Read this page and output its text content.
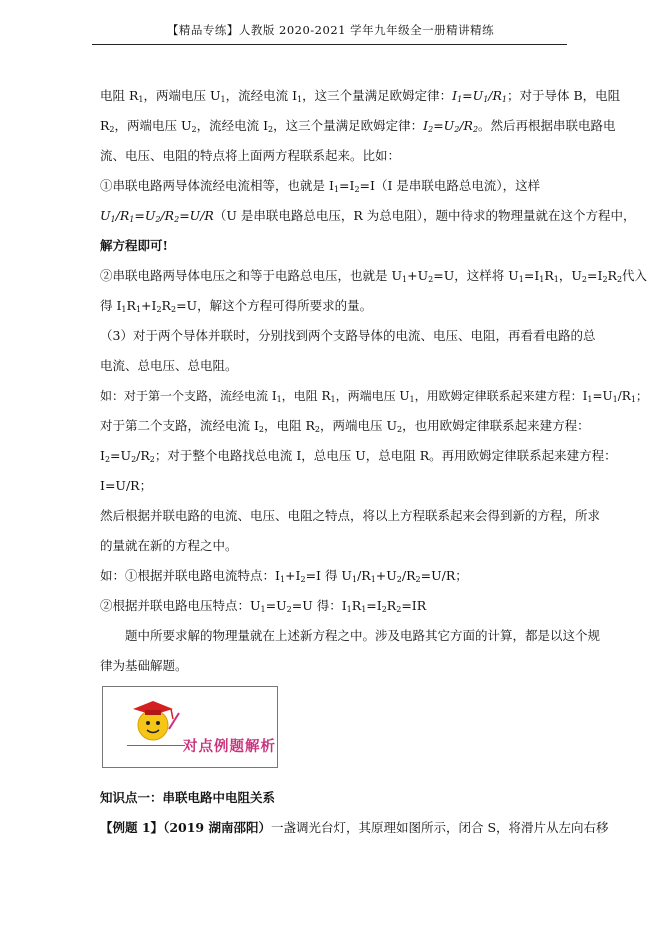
【精品专练】人教版 2020-2021 学年九年级全一册精讲精练
电阻 $R_1$，两端电压 $U_1$，流经电流 $I_1$，这三个量满足欧姆定律：$I_1=U_1/R_1$；对于导体 B，电阻
$R_2$，两端电压 $U_2$，流经电流 $I_2$，这三个量满足欧姆定律：$I_2=U_2/R_2$。然后再根据串联电路电
流、电压、电阻的特点将上面两方程联系起来。比如：
①串联电路两导体流经电流相等，也就是 $I_1=I_2=I(I$ 是串联电路总电流），这样
$U_1/R_1=U_2/R_2=U/R(U$ 是串联电路总电压，R 为总电阻），题中待求的物理量就在这个方程中，
解方程即可!
②串联电路两导体电压之和等于电路总电压，也就是 $U_1+U_2=U$，这样将 $U_1=I_1R_1$，$U_2=I_2R_2$代入
得 $I_1R_1+I_2R_2=U$，解这个方程可得所要求的量。
（3）对于两个导体并联时，分别找到两个支路导体的电流、电压、电阻，再看看电路的总
电流、总电压、总电阻。
如：对于第一个支路，流经电流 $I_1$，电阻 $R_1$，两端电压 $U_1$，用欧姆定律联系起来建方程：$I_1=U_1/R_1$；
对于第二个支路，流经电流 $I_2$，电阻 $R_2$，两端电压 $U_2$，也用欧姆定律联系起来建方程：
$I_2=U_2/R_2$；对于整个电路找总电流 I，总电压 U，总电阻 R。再用欧姆定律联系起来建方程：
I=U/R；
然后根据并联电路的电流、电压、电阻之特点，将以上方程联系起来会得到新的方程，所求
的量就在新的方程之中。
如：①根据并联电路电流特点：$I_1+I_2=I$ 得 $U_1/R_1+U_2/R_2=U/R$；
②根据并联电路电压特点：$U_1=U_2=U$ 得：$I_1R_1=I_2R_2=IR$
题中所要求解的物理量就在上述新方程之中。涉及电路其它方面的计算，都是以这个规
律为基础解题。
对点例题解析
知识点一：串联电路中电阻关系
【例题 1】（2019 湖南邵阳）一盏调光台灯，其原理如图所示，闭合 S，将滑片从左向右移
